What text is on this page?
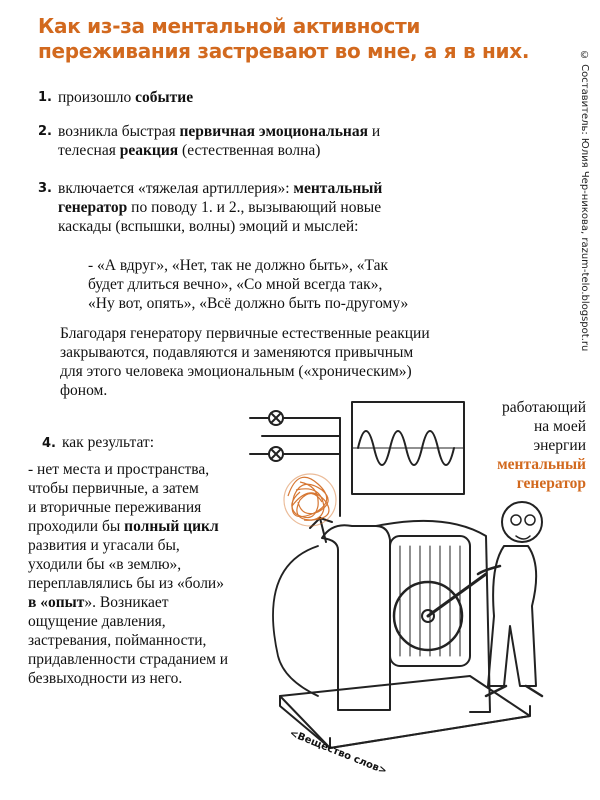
Как из-за ментальной активности
переживания застревают во мне, а я в них.	© Составитель: Юлия Чер-никова, razum-telo.blogspot.ru
1. произошло событие
2. возникла быстрая первичная эмоциональная и
телесная реакция (естественная волна)
3. включается «тяжелая артиллерия»: ментальный
генератор по поводу 1. и 2., вызывающий новые
каскады (вспышки, волны) эмоций и мыслей:
- «А вдруг», «Нет, так не должно быть», «Так
будет длиться вечно», «Со мной всегда так»,
«Ну вот, опять», «Всё должно быть по-другому»
Благодаря генератору первичные естественные реакции
закрываются, подавляются и заменяются привычным
для этого человека эмоциональным («хроническим»)
фоном.
4. как результат:
- нет места и пространства,
чтобы первичные, а затем
и вторичные переживания
проходили бы полный цикл
развития и угасали бы,
уходили бы «в землю»,
переплавлялись бы из «боли»
в «опыт». Возникает
ощущение давления,
застревания, пойманности,
придавленности страданием и
безвыходности из него.
работающий
на моей
энергии
ментальный
генератор
<Вещество слов>
